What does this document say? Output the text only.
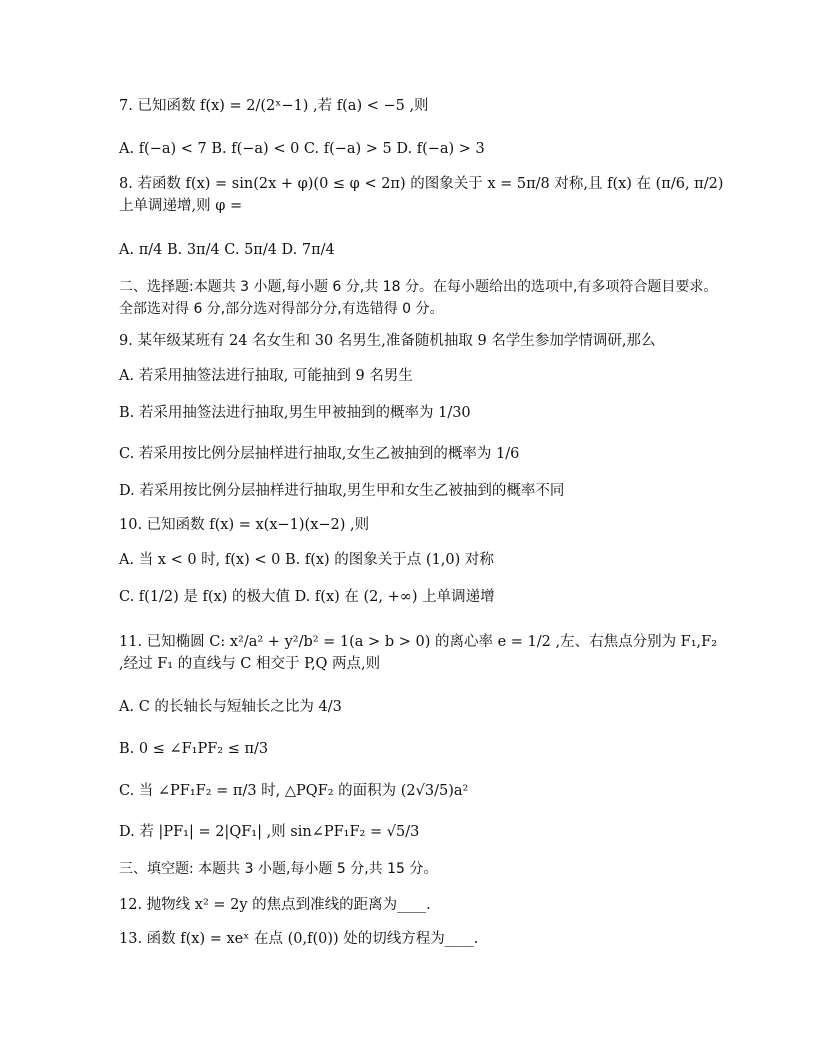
7. 已知函数 f(x) = 2/(2ˣ−1) ,若 f(a) < −5 ,则
A. f(−a) < 7 B. f(−a) < 0 C. f(−a) > 5 D. f(−a) > 3
8. 若函数 f(x) = sin(2x + φ)(0 ≤ φ < 2π) 的图象关于 x = 5π/8 对称,且 f(x) 在 (π/6, π/2) 上单调递增,则 φ =
A. π/4 B. 3π/4 C. 5π/4 D. 7π/4
二、选择题:本题共 3 小题,每小题 6 分,共 18 分。在每小题给出的选项中,有多项符合题目要求。全部选对得 6 分,部分选对得部分分,有选错得 0 分。
9. 某年级某班有 24 名女生和 30 名男生,准备随机抽取 9 名学生参加学情调研,那么
A. 若采用抽签法进行抽取, 可能抽到 9 名男生
B. 若采用抽签法进行抽取,男生甲被抽到的概率为 1/30
C. 若采用按比例分层抽样进行抽取,女生乙被抽到的概率为 1/6
D. 若采用按比例分层抽样进行抽取,男生甲和女生乙被抽到的概率不同
10. 已知函数 f(x) = x(x−1)(x−2) ,则
A. 当 x < 0 时, f(x) < 0 B. f(x) 的图象关于点 (1,0) 对称
C. f(1/2) 是 f(x) 的极大值 D. f(x) 在 (2, +∞) 上单调递增
11. 已知椭圆 C: x²/a² + y²/b² = 1(a > b > 0) 的离心率 e = 1/2 ,左、右焦点分别为 F₁,F₂ ,经过 F₁ 的直线与 C 相交于 P,Q 两点,则
A. C 的长轴长与短轴长之比为 4/3
B. 0 ≤ ∠F₁PF₂ ≤ π/3
C. 当 ∠PF₁F₂ = π/3 时, △PQF₂ 的面积为 (2√3/5)a²
D. 若 |PF₁| = 2|QF₁| ,则 sin∠PF₁F₂ = √5/3
三、填空题: 本题共 3 小题,每小题 5 分,共 15 分。
12. 抛物线 x² = 2y 的焦点到准线的距离为____.
13. 函数 f(x) = xeˣ 在点 (0,f(0)) 处的切线方程为____.
